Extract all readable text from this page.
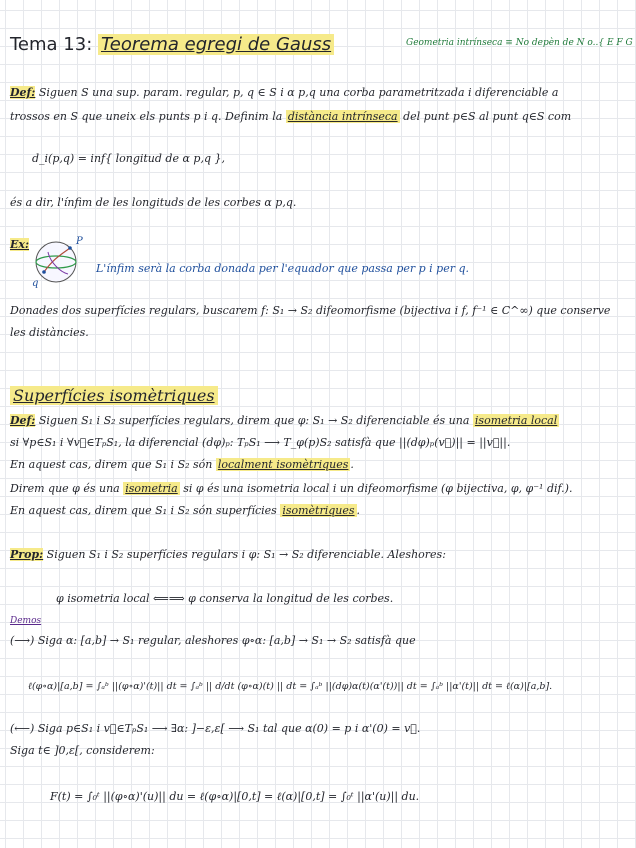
Tema 13: Teorema egregi de Gauss	Geometria intrínseca ≡ No depèn de N o..{ E F G
Def: Siguen S una sup. param. regular, p, q ∈ S i α p,q una corba parametritzada i diferenciable a
trossos en S que uneix els punts p i q. Definim la distància intrínseca del punt p∈S al punt q∈S com
d_i(p,q) = inf{ longitud de α p,q },
és a dir, l'ínfim de les longituds de les corbes α p,q.
Ex:	P
q
L'ínfim serà la corba donada per l'equador que passa per p i per q.
Donades dos superfícies regulars, buscarem f: S₁ → S₂ difeomorfisme (bijectiva i f, f⁻¹ ∈ C^∞) que conserve
les distàncies.
Superfícies isomètriques
Def: Siguen S₁ i S₂ superfícies regulars, direm que φ: S₁ → S₂ diferenciable és una isometria local
si ∀p∈S₁ i ∀v⃗∈TₚS₁, la diferencial (dφ)ₚ: TₚS₁ ⟶ T_φ(p)S₂ satisfà que ||(dφ)ₚ(v⃗)|| = ||v⃗||.
En aquest cas, direm que S₁ i S₂ són localment isomètriques .
Direm que φ és una isometria si φ és una isometria local i un difeomorfisme (φ bijectiva, φ, φ⁻¹ dif.).
En aquest cas, direm que S₁ i S₂ són superfícies isomètriques .
Prop: Siguen S₁ i S₂ superfícies regulars i φ: S₁ → S₂ diferenciable. Aleshores:
φ isometria local ⟸⟹ φ conserva la longitud de les corbes.
Demos
(⟶) Siga α: [a,b] → S₁ regular, aleshores φ∘α: [a,b] → S₁ → S₂ satisfà que
ℓ(φ∘α)|[a,b] = ∫ₐᵇ ||(φ∘α)'(t)|| dt = ∫ₐᵇ || d/dt (φ∘α)(t) || dt = ∫ₐᵇ ||(dφ)α(t)(α'(t))|| dt = ∫ₐᵇ ||α'(t)|| dt = ℓ(α)|[a,b].
(⟵) Siga p∈S₁ i v⃗∈TₚS₁ ⟶ ∃α: ]−ε,ε[ ⟶ S₁ tal que α(0) = p i α'(0) = v⃗.
Siga t∈ ]0,ε[, considerem:
F(t) = ∫₀ᵗ ||(φ∘α)'(u)|| du = ℓ(φ∘α)|[0,t] = ℓ(α)|[0,t] = ∫₀ᵗ ||α'(u)|| du.
